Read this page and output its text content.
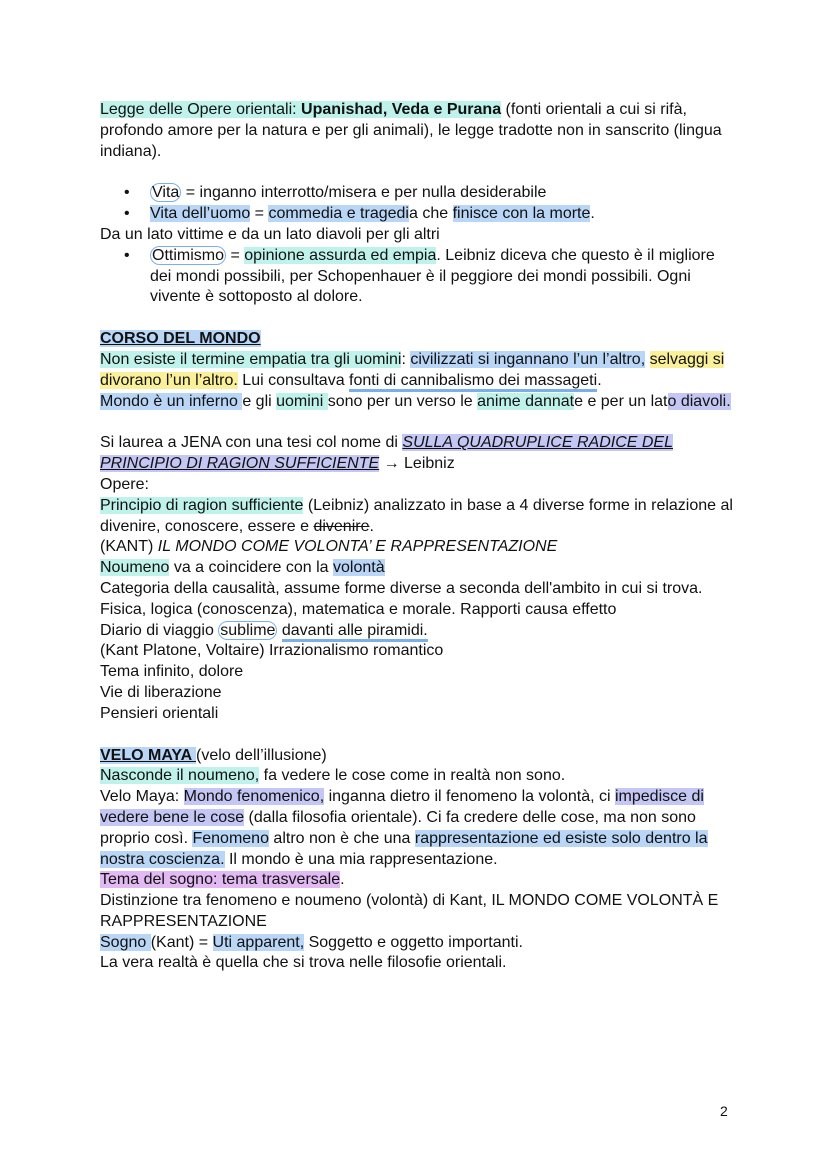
Legge delle Opere orientali: Upanishad, Veda e Purana (fonti orientali a cui si rifà, profondo amore per la natura e per gli animali), le legge tradotte non in sanscrito (lingua indiana).

• Vita = inganno interrotto/misera e per nulla desiderabile
• Vita dell’uomo = commedia e tragedia che finisce con la morte.

Da un lato vittime e da un lato diavoli per gli altri

• Ottimismo = opinione assurda ed empia. Leibniz diceva che questo è il migliore dei mondi possibili, per Schopenhauer è il peggiore dei mondi possibili. Ogni vivente è sottoposto al dolore.

CORSO DEL MONDO

Non esiste il termine empatia tra gli uomini: civilizzati si ingannano l’un l’altro, selvaggi si divorano l’un l’altro. Lui consultava fonti di cannibalismo dei massageti.

Mondo è un inferno e gli uomini sono per un verso le anime dannate e per un lato diavoli.

Si laurea a JENA con una tesi col nome di SULLA QUADRUPLICE RADICE DEL PRINCIPIO DI RAGION SUFFICIENTE → Leibniz

Opere:

Principio di ragion sufficiente (Leibniz) analizzato in base a 4 diverse forme in relazione al divenire, conoscere, essere e divenire.

(KANT) IL MONDO COME VOLONTA’ E RAPPRESENTAZIONE

Noumeno va a coincidere con la volontà

Categoria della causalità, assume forme diverse a seconda dell'ambito in cui si trova. Fisica, logica (conoscenza), matematica e morale. Rapporti causa effetto

Diario di viaggio sublime davanti alle piramidi.

(Kant Platone, Voltaire) Irrazionalismo romantico

Tema infinito, dolore

Vie di liberazione

Pensieri orientali

VELO MAYA (velo dell’illusione)

Nasconde il noumeno, fa vedere le cose come in realtà non sono.

Velo Maya: Mondo fenomenico, inganna dietro il fenomeno la volontà, ci impedisce di vedere bene le cose (dalla filosofia orientale). Ci fa credere delle cose, ma non sono proprio così. Fenomeno altro non è che una rappresentazione ed esiste solo dentro la nostra coscienza. Il mondo è una mia rappresentazione.

Tema del sogno: tema trasversale.

Distinzione tra fenomeno e noumeno (volontà) di Kant, IL MONDO COME VOLONTÀ E RAPPRESENTAZIONE

Sogno (Kant) = Uti apparent, Soggetto e oggetto importanti.

La vera realtà è quella che si trova nelle filosofie orientali.

2
